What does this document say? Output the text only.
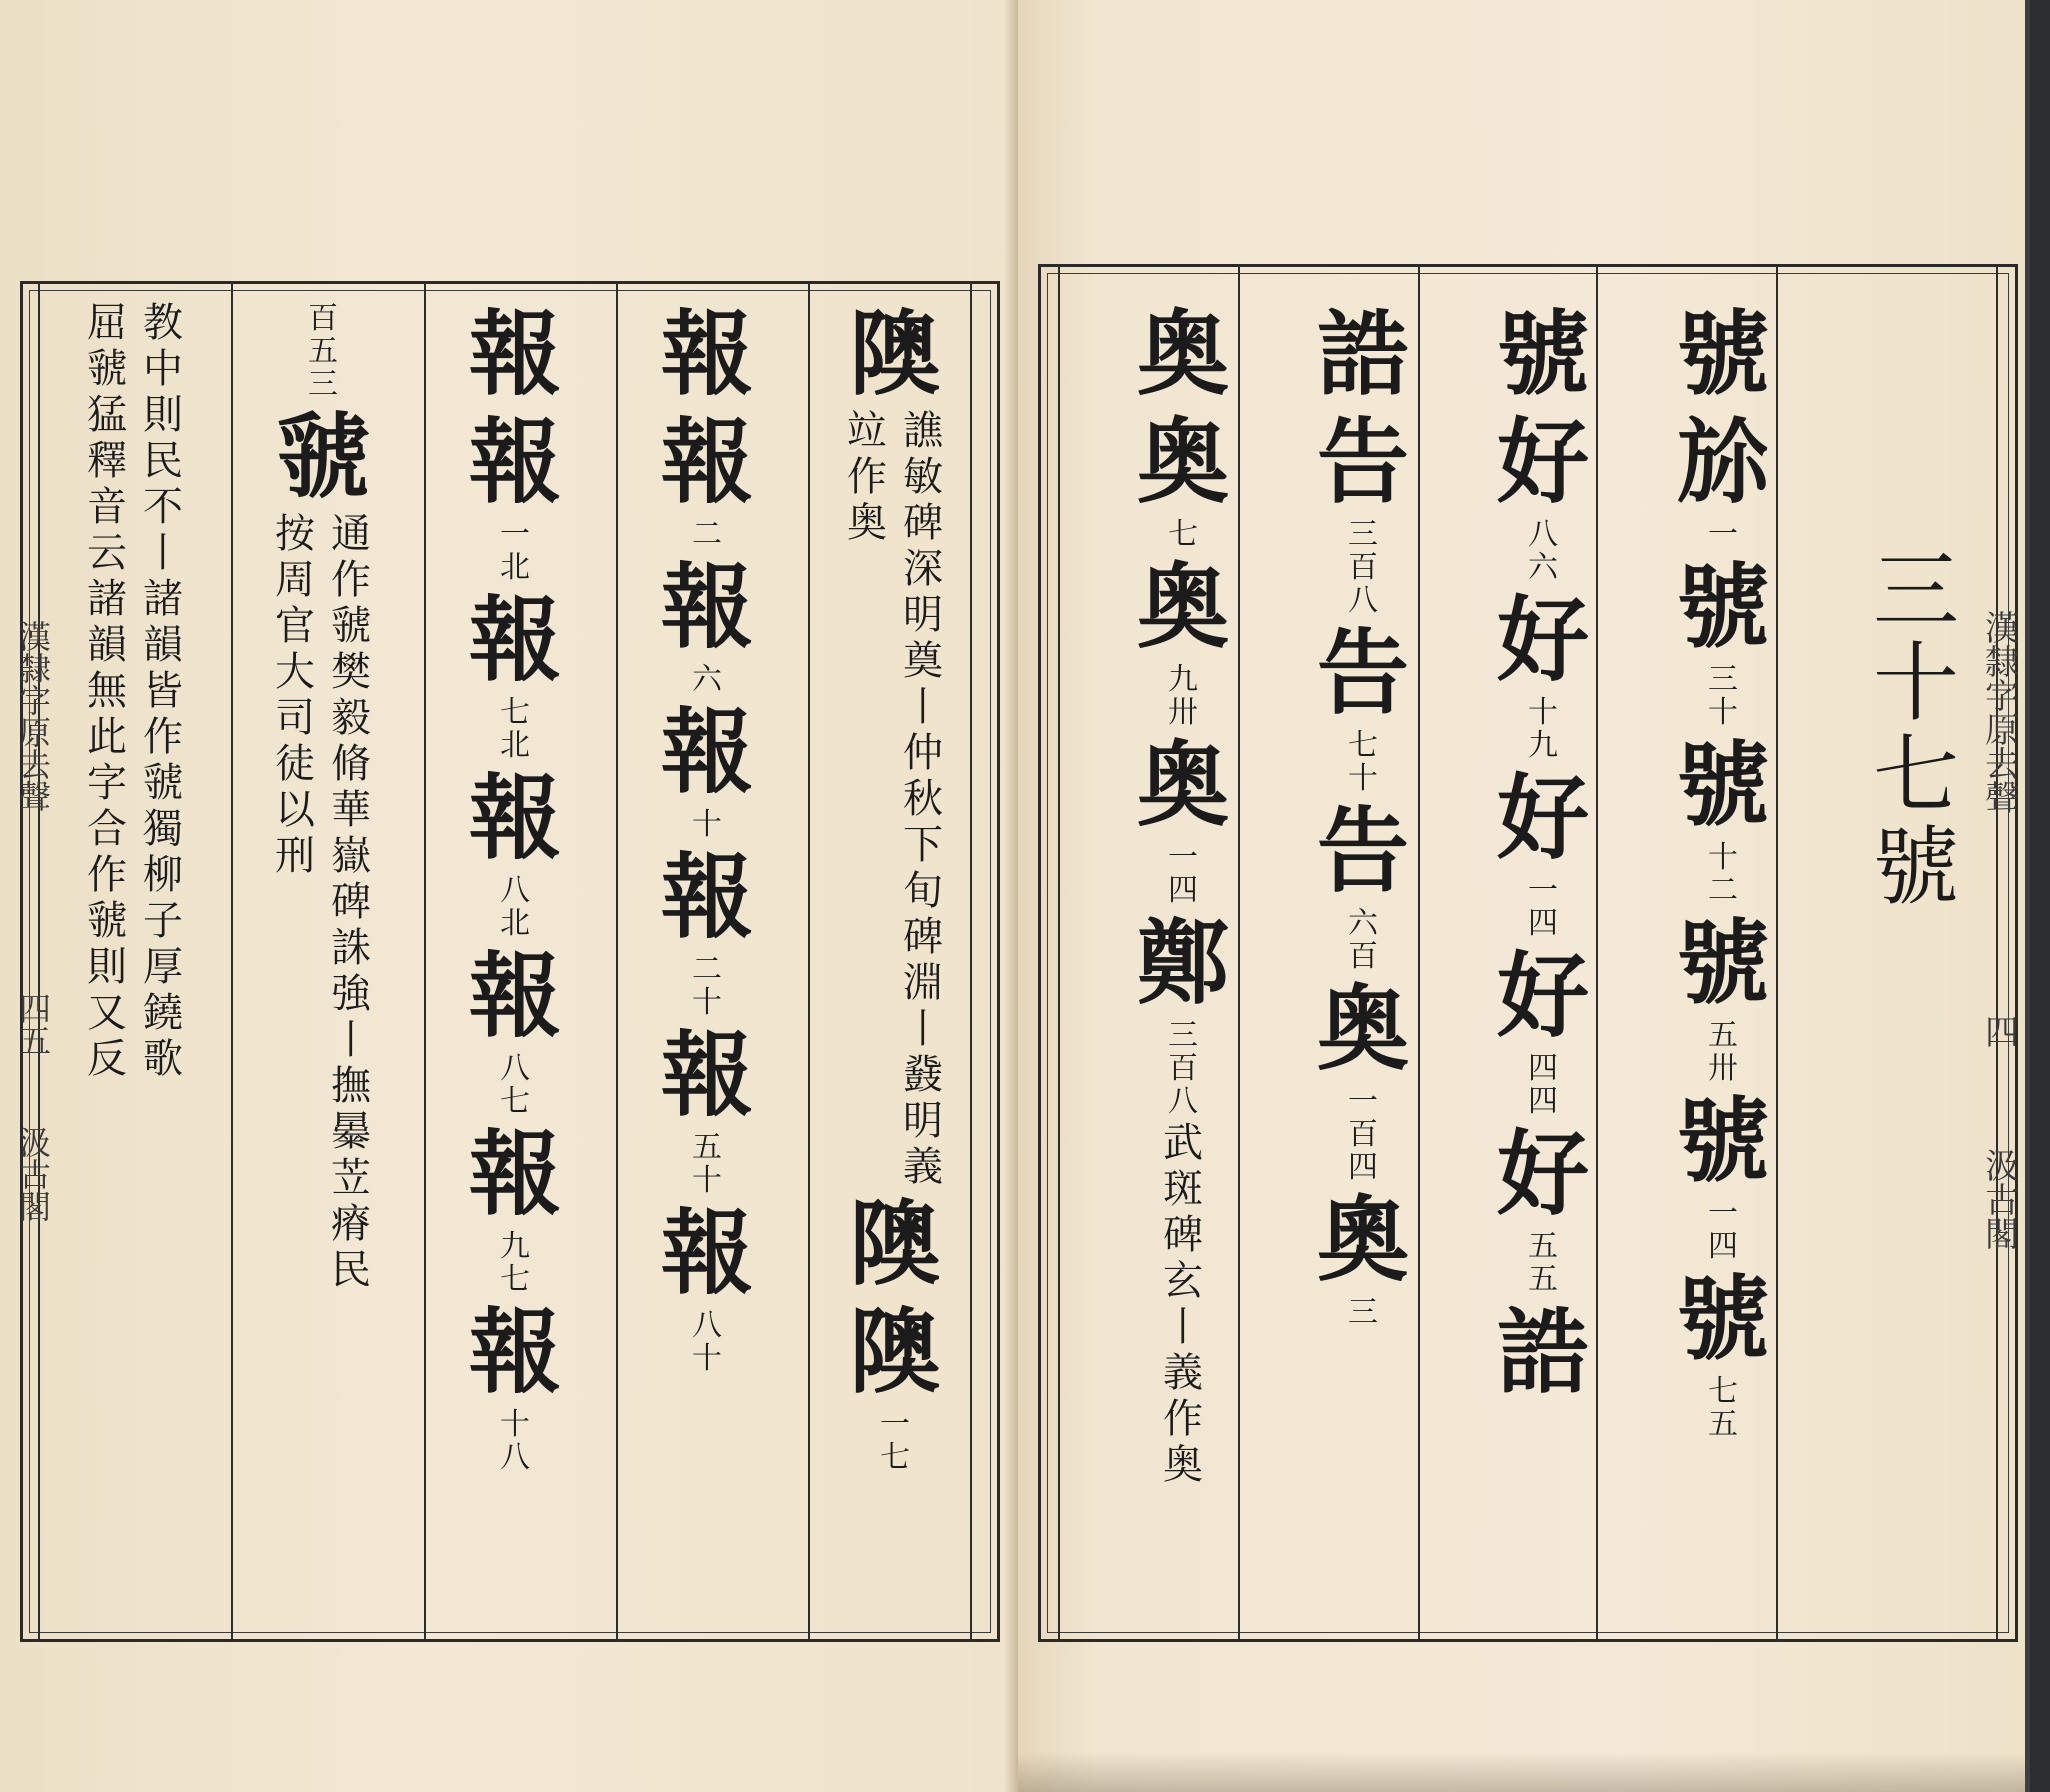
漢隸字原去聲
四五
汲古閣
隩
譙
敏
碑
深
明
奠
丨
仲
秋
下
旬
碑
淵
丨
鼗
明
義
竝
作
奥
隩
隩
一
七
報
報
二
報
六
報
十
報
二
十
報
五
十
報
八
十
報
報
一
北
報
七
北
報
八
北
報
八
七
報
九
七
報
十
八
百
五
三
虢
通
作
虢
樊
毅
脩
華
嶽
碑
誅
強
丨
撫
㬥
苙
瘠
民
按
周
官
大
司
徒
以
刑
教
中
則
民
不
丨
諸
韻
皆
作
虢
獨
柳
子
厚
鐃
歌
屈
虢
猛
釋
音
云
諸
韻
無
此
字
合
作
虢
則
又
反
三十七號 漢隸字原去聲
四
汲古閣
號
㫆
一
號
三
十
號
十
二
號
五
卅
號
一
四
號
七
五
號
好
八
六
好
十
九
好
一
四
好
四
四
好
五
五
誥
誥
告
三
百
八
告
七
十
告
六
百
奥
一
百
四
奧
三
奥
奥
七
奥
九
卅
奥
一
四
鄭
三
百
八
武
斑
碑
玄
丨
義
作
奥
